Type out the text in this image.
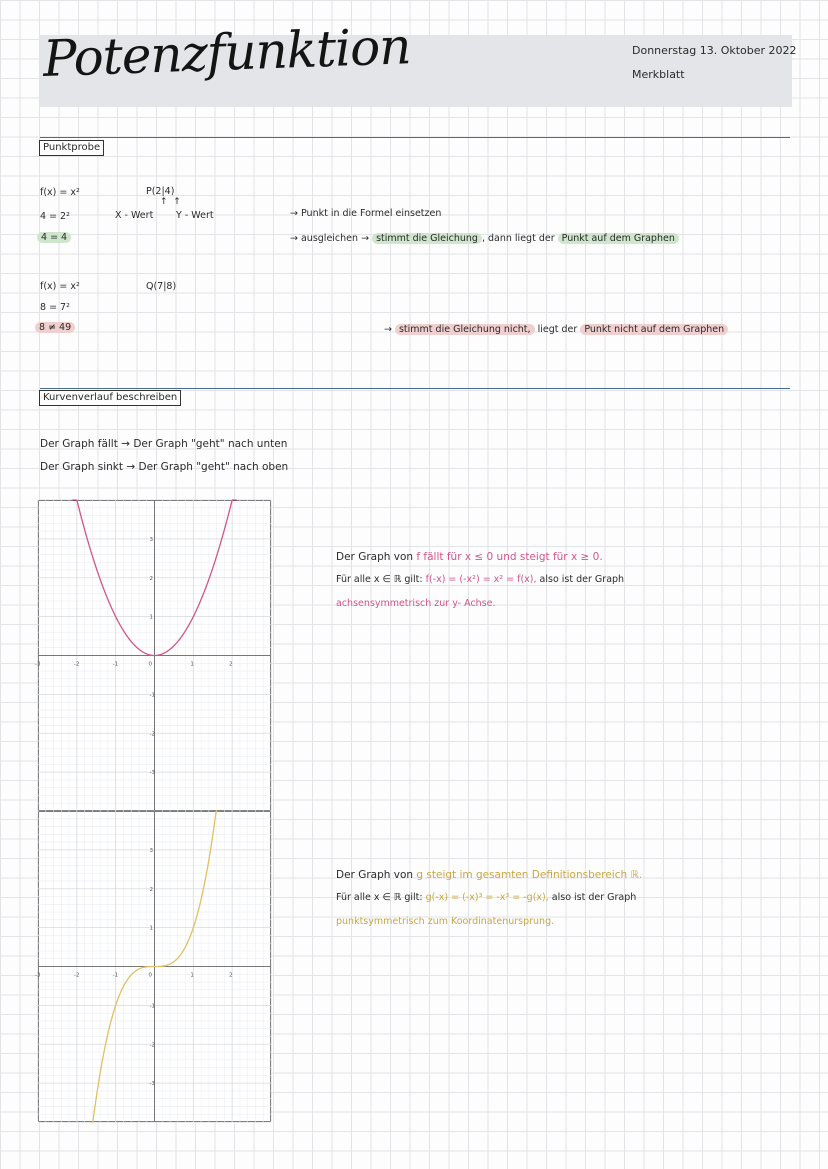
Potenzfunktion	Donnerstag 13. Oktober 2022
Merkblatt
Punktprobe
f(x) = x²
4 = 2²
4 = 4
P(2|4)
↑  ↑
X - Wert Y - Wert	→ Punkt in die Formel einsetzen
→ ausgleichen → stimmt die Gleichung , dann liegt der Punkt auf dem Graphen
f(x) = x²
8 = 7²
8 ≠ 49
Q(7|8)
→ stimmt die Gleichung nicht, liegt der Punkt nicht auf dem Graphen
Kurvenverlauf beschreiben
Der Graph fällt → Der Graph "geht" nach unten
Der Graph sinkt → Der Graph "geht" nach oben
-3	-2	-1	0	1	2
3
2
1
-1
-2
-3
-3	-2	-1	0	1	2
3
2
1
-1
-2
-3
Der Graph von f fällt für x ≤ 0 und steigt für x ≥ 0.
Für alle x ∈ ℝ gilt: f(-x) = (-x²) = x² = f(x), also ist der Graph
achsensymmetrisch zur y- Achse.
Der Graph von g steigt im gesamten Definitionsbereich ℝ.
Für alle x ∈ ℝ gilt: g(-x) = (-x)³ = -x³ = -g(x), also ist der Graph
punktsymmetrisch zum Koordinatenursprung.
